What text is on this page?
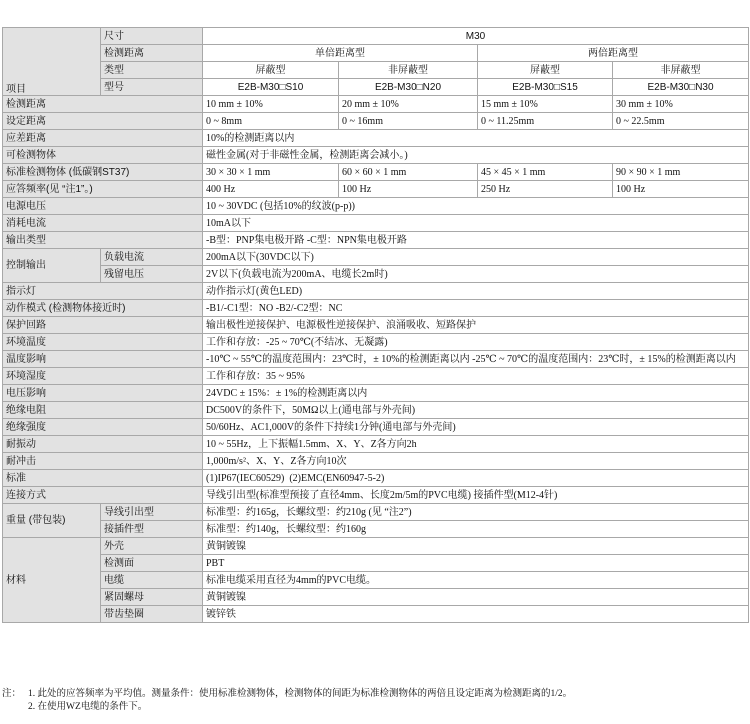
项目	尺寸	M30			
	检测距离	单倍距离型		两倍距离型	
	类型	屏蔽型	非屏蔽型	屏蔽型	非屏蔽型
	型号	E2B-M30□S10	E2B-M30□N20	E2B-M30□S15	E2B-M30□N30
检测距离		10 mm ± 10%	20 mm ± 10%	15 mm ± 10%	30 mm ± 10%
设定距离		0 ~ 8mm	0 ~ 16mm	0 ~ 11.25mm	0 ~ 22.5mm
应差距离		10%的检测距离以内			
可检测物体		磁性金属(对于非磁性金属，检测距离会减小。)			
标准检测物体 (低碳钢ST37)		30 × 30 × 1 mm	60 × 60 × 1 mm	45 × 45 × 1 mm	90 × 90 × 1 mm
应答频率(见 “注1”。)		400 Hz	100 Hz	250 Hz	100 Hz
电源电压		10 ~ 30VDC (包括10%的纹波(p-p))			
消耗电流		10mA以下			
输出类型		-B型：PNP集电极开路 -C型：NPN集电极开路			
控制输出	负载电流	200mA以下(30VDC以下)			
	残留电压	2V以下(负载电流为200mA、电缆长2m时)			
指示灯		动作指示灯(黄色LED)			
动作模式 (检测物体接近时)		-B1/-C1型：NO -B2/-C2型：NC			
保护回路		输出极性逆接保护、电源极性逆接保护、浪涌吸收、短路保护			
环境温度		工作和存放：-25 ~ 70℃(不结冰、无凝露)			
温度影响		-10℃ ~ 55℃的温度范围内：23℃时，± 10%的检测距离以内 -25℃ ~ 70℃的温度范围内：23℃时，± 15%的检测距离以内			
环境湿度		工作和存放：35 ~ 95%			
电压影响		24VDC ± 15%：± 1%的检测距离以内			
绝缘电阻		DC500V的条件下，50MΩ以上(通电部与外壳间)			
绝缘强度		50/60Hz、AC1,000V的条件下持续1分钟(通电部与外壳间)			
耐振动		10 ~ 55Hz，上下振幅1.5mm、X、Y、Z各方向2h			
耐冲击		1,000m/s²、X、Y、Z各方向10次			
标准		(1)IP67(IEC60529)  (2)EMC(EN60947-5-2)			
连接方式		导线引出型(标准型预接了直径4mm、长度2m/5m的PVC电缆) 接插件型(M12-4针)			
重量 (带包装)	导线引出型	标准型：约165g，长螺纹型：约210g (见 “注2”)			
	接插件型	标准型：约140g，长螺纹型：约160g			
材料	外壳	黄铜镀镍			
	检测面	PBT			
	电缆	标准电缆采用直径为4mm的PVC电缆。			
	紧固螺母	黄铜镀镍			
	带齿垫圈	镀锌铁			
注： 1. 此处的应答频率为平均值。测量条件：使用标准检测物体，检测物体的间距为标准检测物体的两倍且设定距离为检测距离的1/2。
2. 在使用WZ电缆的条件下。
